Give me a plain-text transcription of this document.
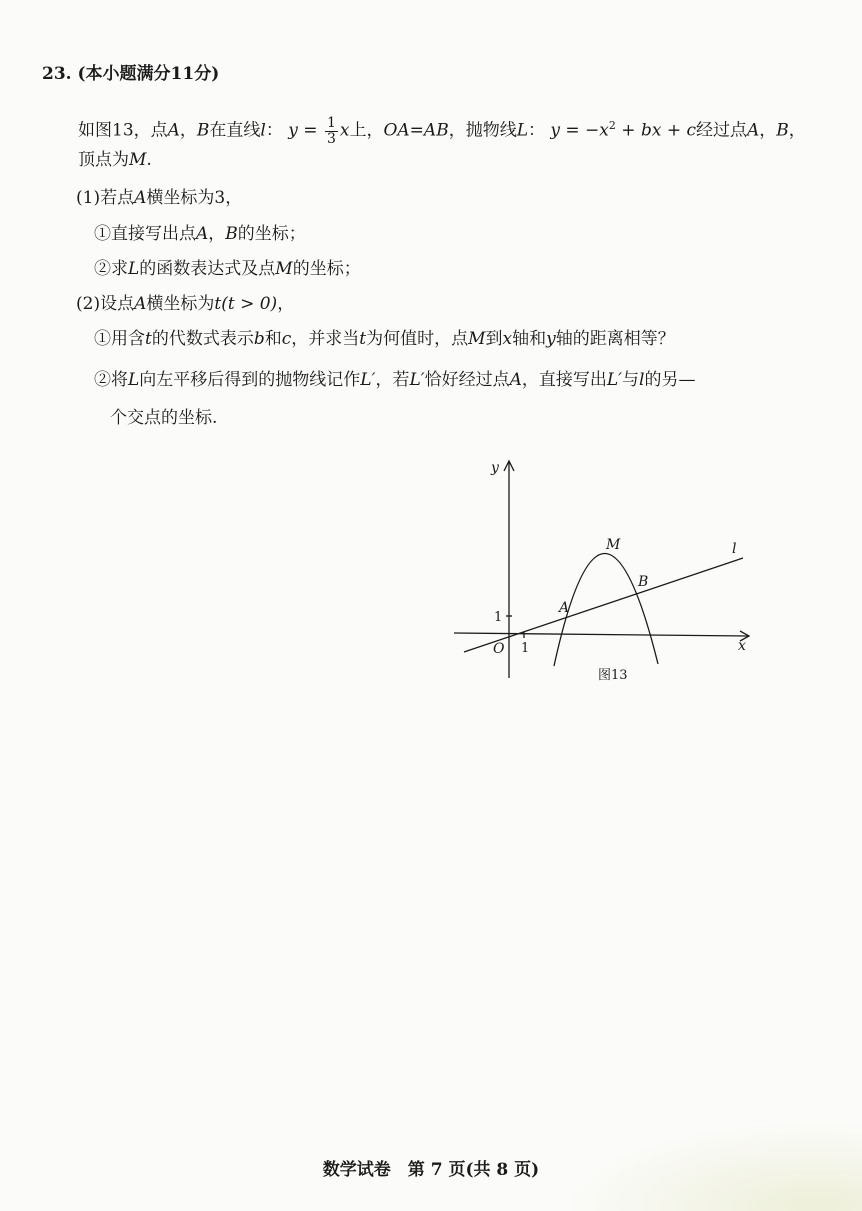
23. (本小题满分11分)
如图13，点A，B在直线l： $y = \frac{1}{3}$ x上，OA=AB，抛物线L： $y = -x^2$ + bx + c经过点A，B，
顶点为M.
(1)若点A横坐标为3，
①直接写出点A，B的坐标；
②求L的函数表达式及点M的坐标；
(2)设点A横坐标为t(t > 0)，
①用含t的代数式表示b和c，并求当t为何值时，点M到x轴和y轴的距离相等？
②将L向左平移后得到的抛物线记作L′，若L′恰好经过点A，直接写出L′与l的另—
个交点的坐标.
y
x
O
M
A
B
l
1
1
图13
数学试卷　第 7 页(共 8 页)
